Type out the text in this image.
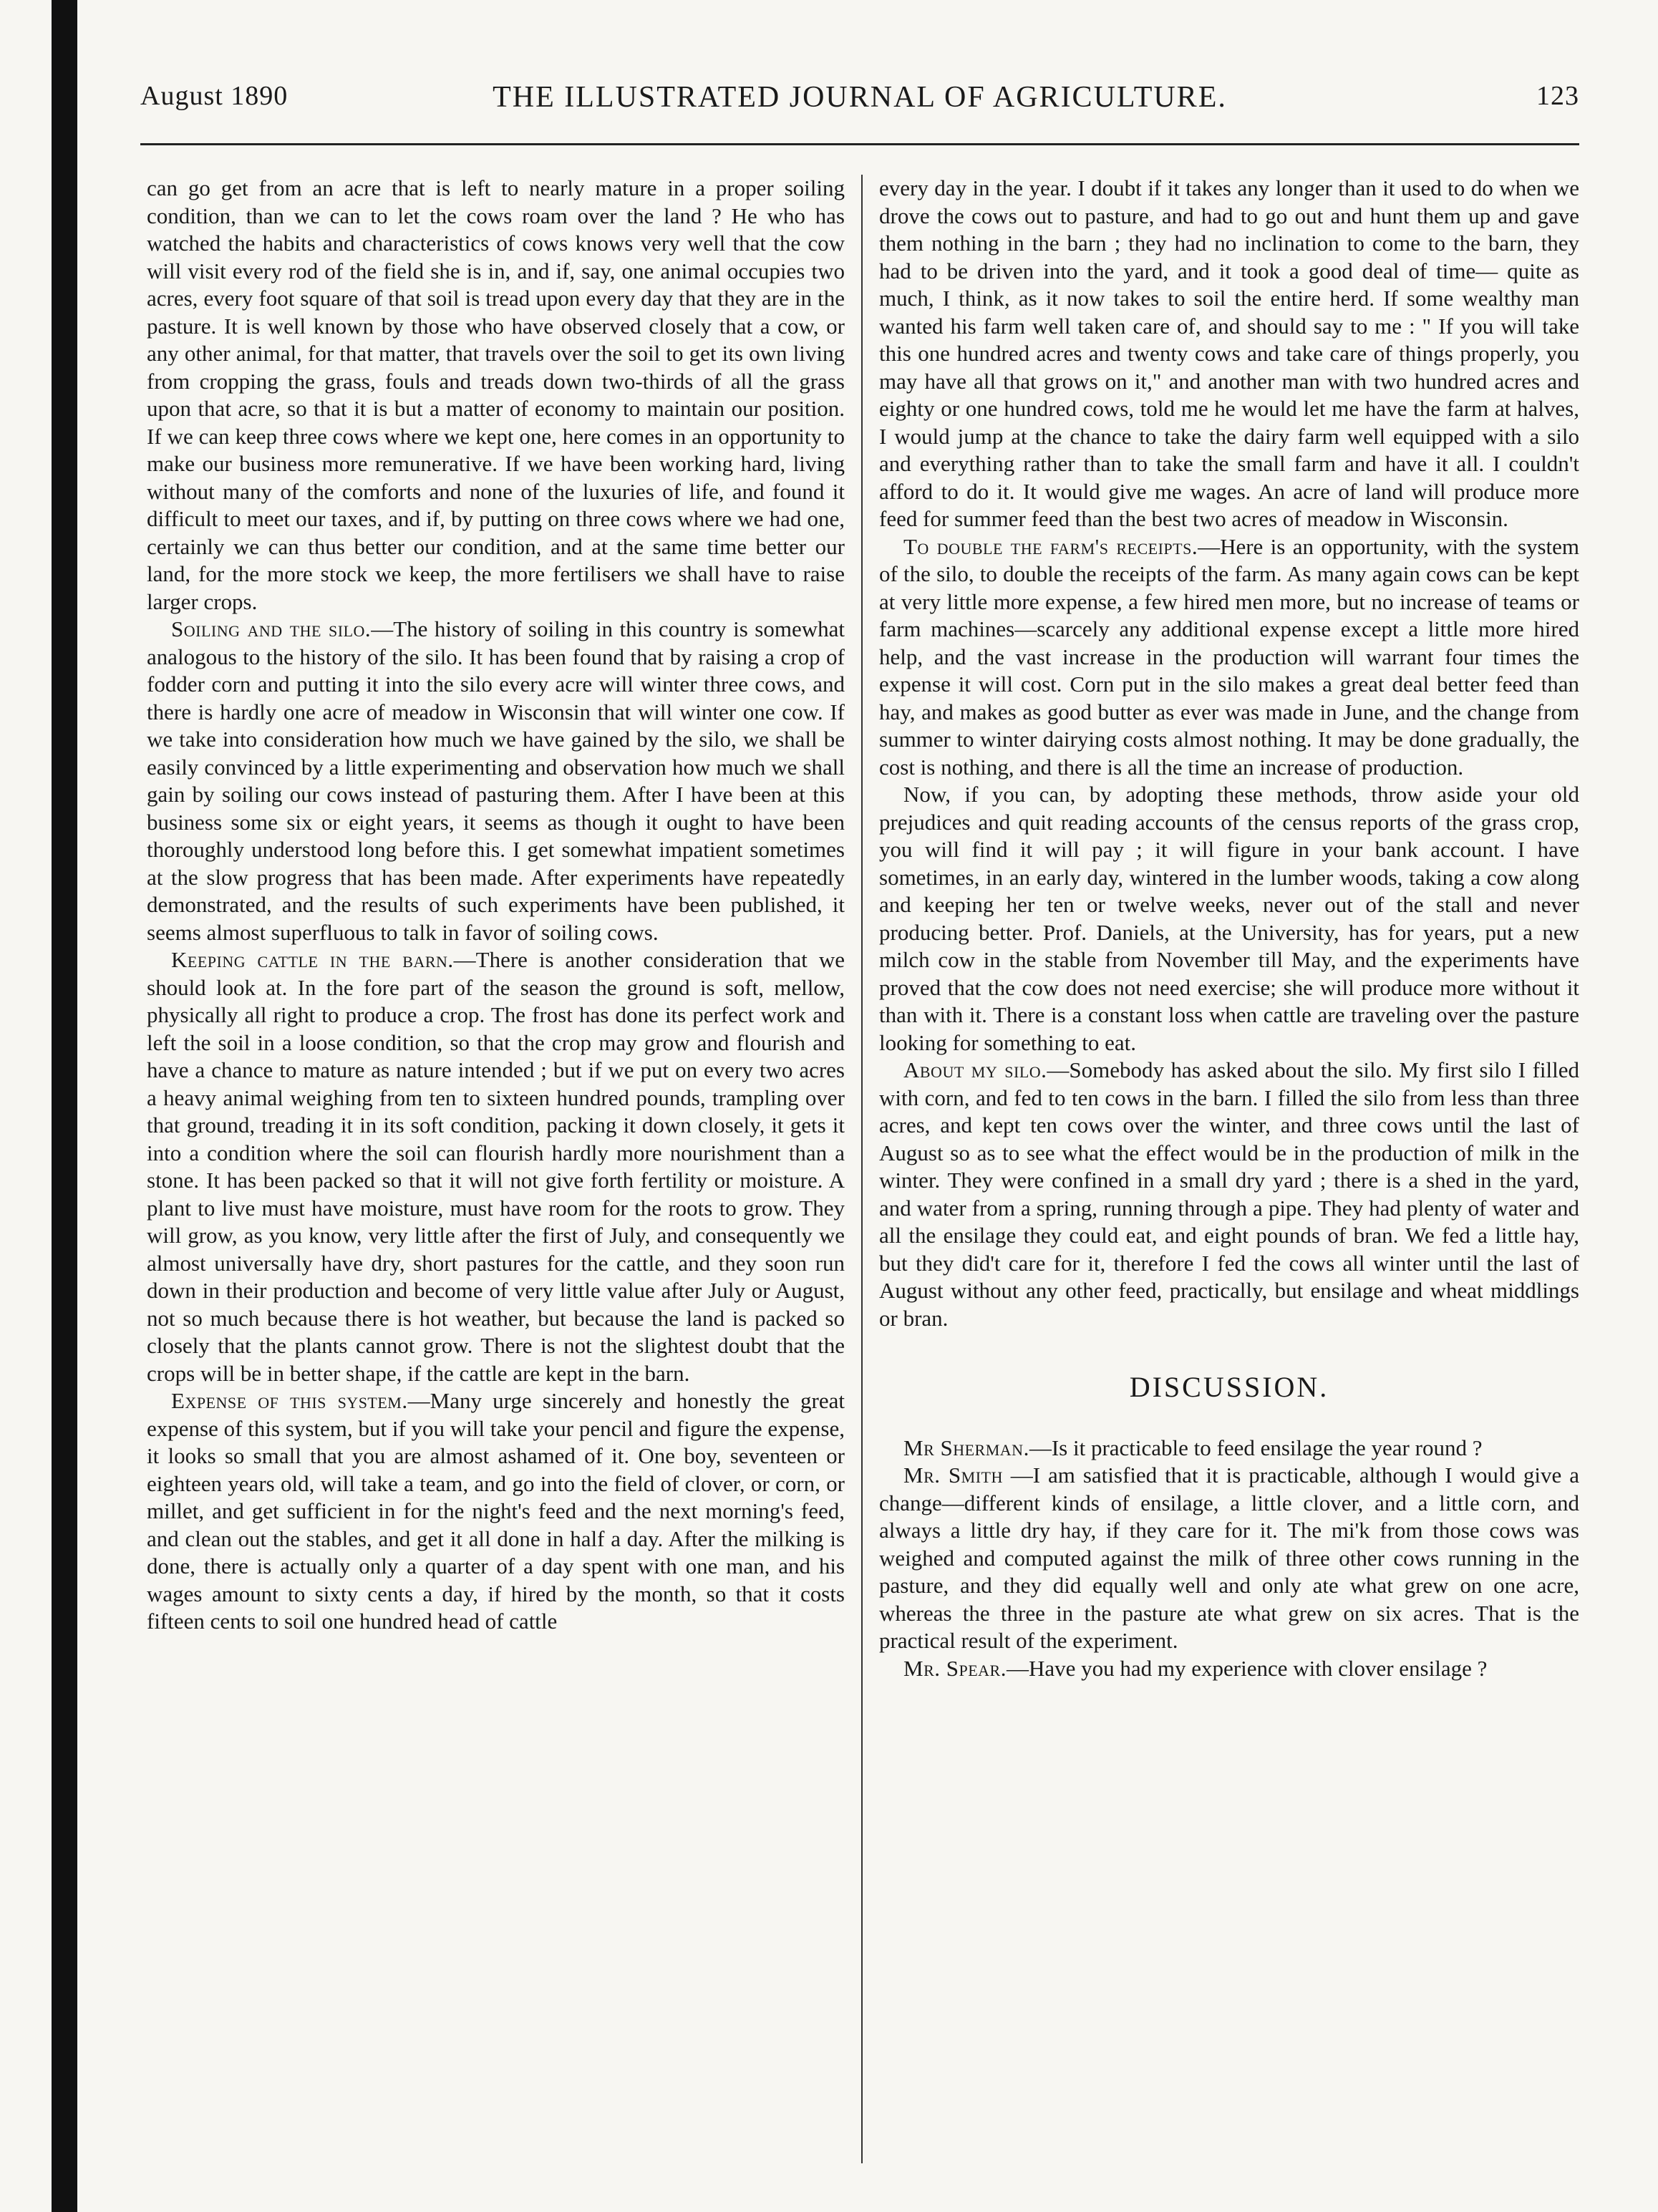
THE ILLUSTRATED JOURNAL OF AGRICULTURE.
August 1890	123

can go get from an acre that is left to nearly mature in a proper soiling condition, than we can to let the cows roam over the land ? He who has watched the habits and characteristics of cows knows very well that the cow will visit every rod of the field she is in, and if, say, one animal occupies two acres, every foot square of that soil is tread upon every day that they are in the pasture. It is well known by those who have observed closely that a cow, or any other animal, for that matter, that travels over the soil to get its own living from cropping the grass, fouls and treads down two-thirds of all the grass upon that acre, so that it is but a matter of economy to maintain our position. If we can keep three cows where we kept one, here comes in an opportunity to make our business more remunerative. If we have been working hard, living without many of the comforts and none of the luxuries of life, and found it difficult to meet our taxes, and if, by putting on three cows where we had one, certainly we can thus better our condition, and at the same time better our land, for the more stock we keep, the more fertilisers we shall have to raise larger crops.

Soiling and the silo.—The history of soiling in this country is somewhat analogous to the history of the silo. It has been found that by raising a crop of fodder corn and putting it into the silo every acre will winter three cows, and there is hardly one acre of meadow in Wisconsin that will winter one cow. If we take into consideration how much we have gained by the silo, we shall be easily convinced by a little experimenting and observation how much we shall gain by soiling our cows instead of pasturing them. After I have been at this business some six or eight years, it seems as though it ought to have been thoroughly understood long before this. I get somewhat impatient sometimes at the slow progress that has been made. After experiments have repeatedly demonstrated, and the results of such experiments have been published, it seems almost superfluous to talk in favor of soiling cows.

Keeping cattle in the barn.—There is another consideration that we should look at. In the fore part of the season the ground is soft, mellow, physically all right to produce a crop. The frost has done its perfect work and left the soil in a loose condition, so that the crop may grow and flourish and have a chance to mature as nature intended ; but if we put on every two acres a heavy animal weighing from ten to sixteen hundred pounds, trampling over that ground, treading it in its soft condition, packing it down closely, it gets it into a condition where the soil can flourish hardly more nourishment than a stone. It has been packed so that it will not give forth fertility or moisture. A plant to live must have moisture, must have room for the roots to grow. They will grow, as you know, very little after the first of July, and consequently we almost universally have dry, short pastures for the cattle, and they soon run down in their production and become of very little value after July or August, not so much because there is hot weather, but because the land is packed so closely that the plants cannot grow. There is not the slightest doubt that the crops will be in better shape, if the cattle are kept in the barn.

Expense of this system.—Many urge sincerely and honestly the great expense of this system, but if you will take your pencil and figure the expense, it looks so small that you are almost ashamed of it. One boy, seventeen or eighteen years old, will take a team, and go into the field of clover, or corn, or millet, and get sufficient in for the night's feed and the next morning's feed, and clean out the stables, and get it all done in half a day. After the milking is done, there is actually only a quarter of a day spent with one man, and his wages amount to sixty cents a day, if hired by the month, so that it costs fifteen cents to soil one hundred head of cattle

every day in the year. I doubt if it takes any longer than it used to do when we drove the cows out to pasture, and had to go out and hunt them up and gave them nothing in the barn ; they had no inclination to come to the barn, they had to be driven into the yard, and it took a good deal of time— quite as much, I think, as it now takes to soil the entire herd. If some wealthy man wanted his farm well taken care of, and should say to me : " If you will take this one hundred acres and twenty cows and take care of things properly, you may have all that grows on it," and another man with two hundred acres and eighty or one hundred cows, told me he would let me have the farm at halves, I would jump at the chance to take the dairy farm well equipped with a silo and everything rather than to take the small farm and have it all. I couldn't afford to do it. It would give me wages. An acre of land will produce more feed for summer feed than the best two acres of meadow in Wisconsin.

To double the farm's receipts.—Here is an opportunity, with the system of the silo, to double the receipts of the farm. As many again cows can be kept at very little more expense, a few hired men more, but no increase of teams or farm machines—scarcely any additional expense except a little more hired help, and the vast increase in the production will warrant four times the expense it will cost. Corn put in the silo makes a great deal better feed than hay, and makes as good butter as ever was made in June, and the change from summer to winter dairying costs almost nothing. It may be done gradually, the cost is nothing, and there is all the time an increase of production.

Now, if you can, by adopting these methods, throw aside your old prejudices and quit reading accounts of the census reports of the grass crop, you will find it will pay ; it will figure in your bank account. I have sometimes, in an early day, wintered in the lumber woods, taking a cow along and keeping her ten or twelve weeks, never out of the stall and never producing better. Prof. Daniels, at the University, has for years, put a new milch cow in the stable from November till May, and the experiments have proved that the cow does not need exercise; she will produce more without it than with it. There is a constant loss when cattle are traveling over the pasture looking for something to eat.

About my silo.—Somebody has asked about the silo. My first silo I filled with corn, and fed to ten cows in the barn. I filled the silo from less than three acres, and kept ten cows over the winter, and three cows until the last of August so as to see what the effect would be in the production of milk in the winter. They were confined in a small dry yard ; there is a shed in the yard, and water from a spring, running through a pipe. They had plenty of water and all the ensilage they could eat, and eight pounds of bran. We fed a little hay, but they did't care for it, therefore I fed the cows all winter until the last of August without any other feed, practically, but ensilage and wheat middlings or bran.

DISCUSSION.

Mr Sherman.—Is it practicable to feed ensilage the year round ?

Mr. Smith —I am satisfied that it is practicable, although I would give a change—different kinds of ensilage, a little clover, and a little corn, and always a little dry hay, if they care for it. The mi'k from those cows was weighed and computed against the milk of three other cows running in the pasture, and they did equally well and only ate what grew on one acre, whereas the three in the pasture ate what grew on six acres. That is the practical result of the experiment.

Mr. Spear.—Have you had my experience with clover ensilage ?
